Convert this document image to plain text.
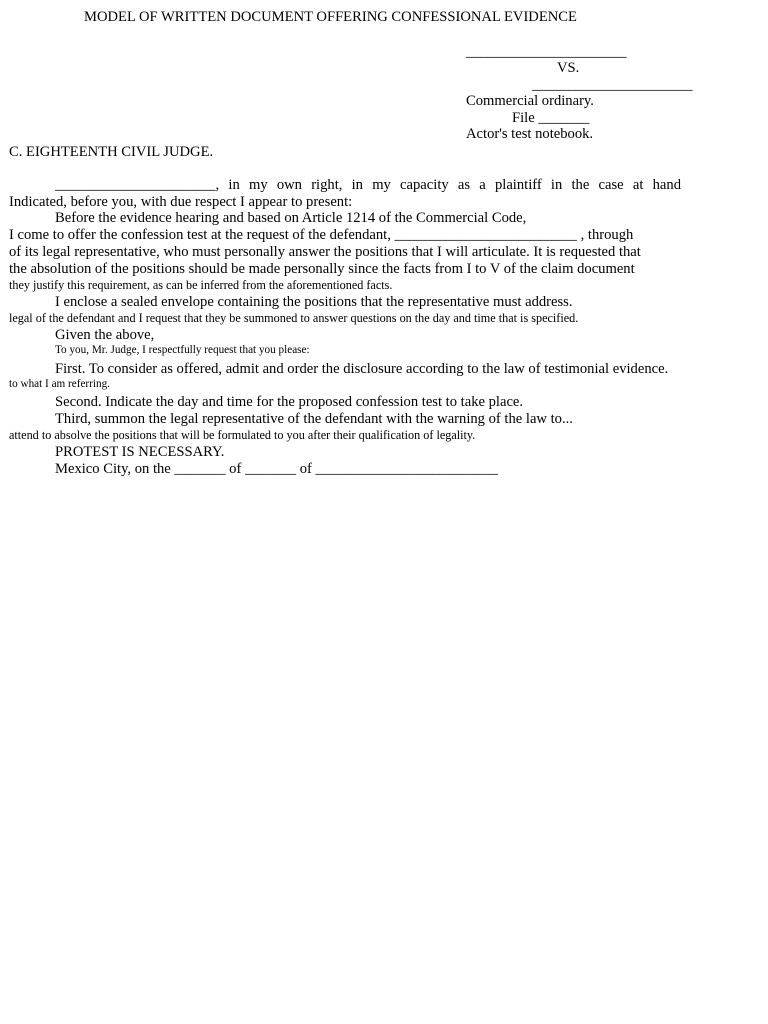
MODEL OF WRITTEN DOCUMENT OFFERING CONFESSIONAL EVIDENCE
______________________
VS.
______________________
Commercial ordinary.
File _______
Actor's test notebook.
C. EIGHTEENTH CIVIL JUDGE.
______________________, in my own right, in my capacity as a plaintiff in the case at hand
Indicated, before you, with due respect I appear to present:
Before the evidence hearing and based on Article 1214 of the Commercial Code,
I come to offer the confession test at the request of the defendant, _________________________ , through
of its legal representative, who must personally answer the positions that I will articulate. It is requested that
the absolution of the positions should be made personally since the facts from I to V of the claim document
they justify this requirement, as can be inferred from the aforementioned facts.
I enclose a sealed envelope containing the positions that the representative must address.
legal of the defendant and I request that they be summoned to answer questions on the day and time that is specified.
Given the above,
To you, Mr. Judge, I respectfully request that you please:
First. To consider as offered, admit and order the disclosure according to the law of testimonial evidence.
to what I am referring.
Second. Indicate the day and time for the proposed confession test to take place.
Third, summon the legal representative of the defendant with the warning of the law to...
attend to absolve the positions that will be formulated to you after their qualification of legality.
PROTEST IS NECESSARY.
Mexico City, on the _______ of _______ of _________________________
